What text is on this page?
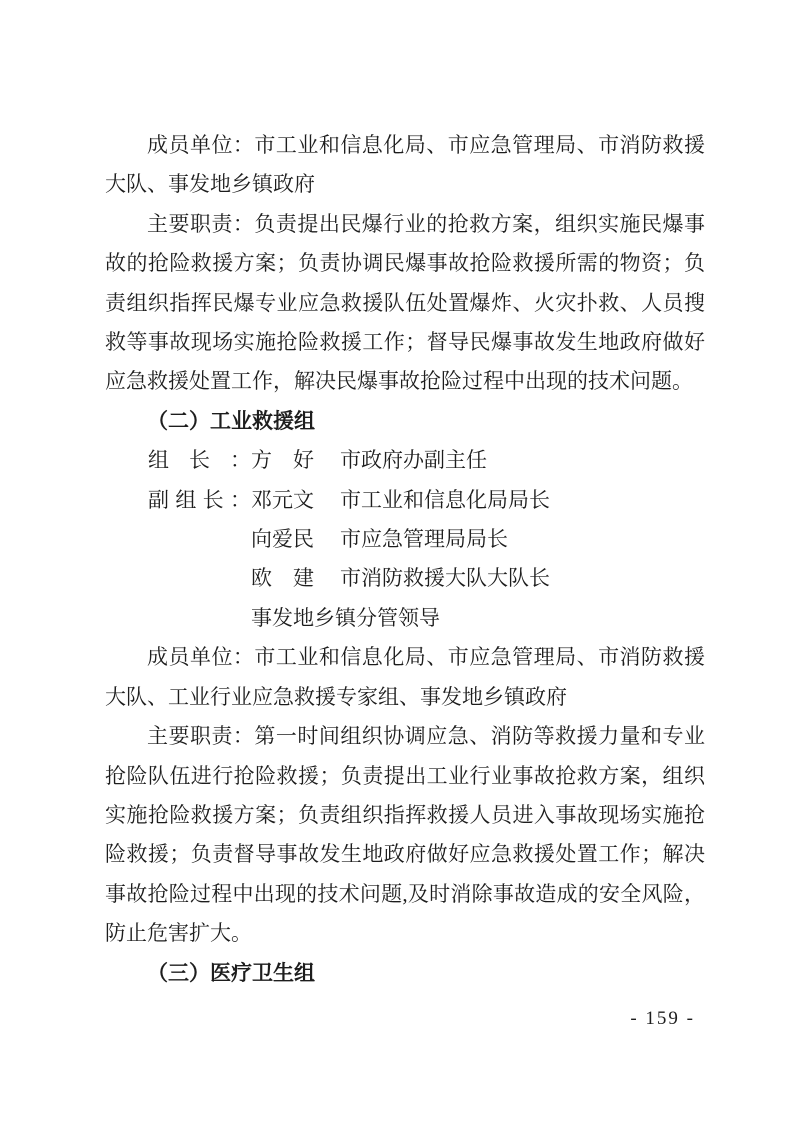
成员单位：市工业和信息化局、市应急管理局、市消防救援大队、事发地乡镇政府

主要职责：负责提出民爆行业的抢救方案，组织实施民爆事故的抢险救援方案；负责协调民爆事故抢险救援所需的物资；负责组织指挥民爆专业应急救援队伍处置爆炸、火灾扑救、人员搜救等事故现场实施抢险救援工作；督导民爆事故发生地政府做好应急救援处置工作，解决民爆事故抢险过程中出现的技术问题。

（二）工业救援组
组长：方　好 市政府办副主任
副组长：邓元文 市工业和信息化局局长
向爱民 市应急管理局局长
欧　建 市消防救援大队大队长
事发地乡镇分管领导

成员单位：市工业和信息化局、市应急管理局、市消防救援大队、工业行业应急救援专家组、事发地乡镇政府

主要职责：第一时间组织协调应急、消防等救援力量和专业抢险队伍进行抢险救援；负责提出工业行业事故抢救方案，组织实施抢险救援方案；负责组织指挥救援人员进入事故现场实施抢险救援；负责督导事故发生地政府做好应急救援处置工作；解决事故抢险过程中出现的技术问题,及时消除事故造成的安全风险，防止危害扩大。

（三）医疗卫生组
- 159 -
